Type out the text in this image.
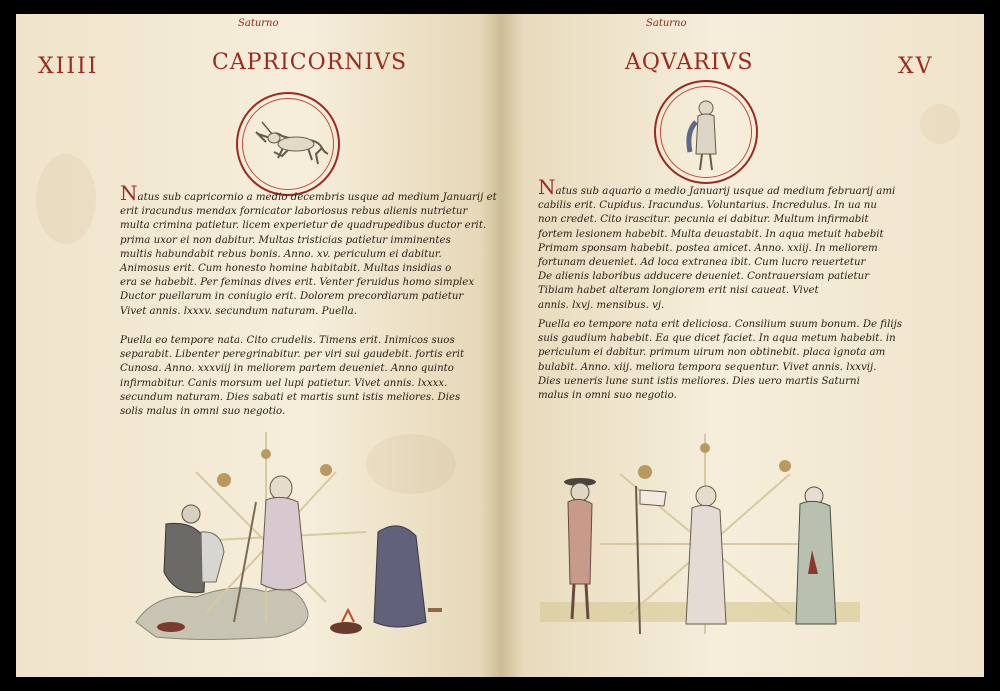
XIIII
Saturno
CAPRICORNIVS
Natus sub capricornio a medio decembris usque ad medium Januarij et
erit iracundus mendax fornicator laboriosus rebus alienis nutrietur
multa crimina patietur. licem experietur de quadrupedibus ductor erit.
prima uxor ei non dabitur. Multas tristicias patietur imminentes
multis habundabit rebus bonis. Anno. xv. periculum ei dabitur.
Animosus erit. Cum honesto homine habitabit. Multas insidias o
era se habebit. Per feminas dives erit. Venter feruidus homo simplex
Ductor puellarum in coniugio erit. Dolorem precordiarum patietur
Vivet annis. lxxxv. secundum naturam. Puella.
Puella eo tempore nata. Cito crudelis. Timens erit. Inimicos suos
separabit. Libenter peregrinabitur. per viri sui gaudebit. fortis erit
Cunosa. Anno. xxxviij in meliorem partem deueniet. Anno quinto
infirmabitur. Canis morsum uel lupi patietur. Vivet annis. lxxxx.
secundum naturam. Dies sabati et martis sunt istis meliores. Dies
solis malus in omni suo negotio.
Saturno
AQVARIVS	XV
Natus sub aquario a medio Januarij usque ad medium februarij ami
cabilis erit. Cupidus. Iracundus. Voluntarius. Incredulus. In ua nu
non credet. Cito irascitur. pecunia ei dabitur. Multum infirmabit
fortem lesionem habebit. Multa deuastabit. In aqua metuit habebit
Primam sponsam habebit. postea amicet. Anno. xxiij. In meliorem
fortunam deueniet. Ad loca extranea ibit. Cum lucro reuertetur
De alienis laboribus adducere deueniet. Contrauersiam patietur
Tibiam habet alteram longiorem erit nisi caueat. Vivet
annis. lxvj. mensibus. vj.
Puella eo tempore nata erit deliciosa. Consilium suum bonum. De filijs
suis gaudium habebit. Ea que dicet faciet. In aqua metum habebit. in
periculum ei dabitur. primum uirum non obtinebit. placa ignota am
bulabit. Anno. xiij. meliora tempora sequentur. Vivet annis. lxxvij.
Dies ueneris lune sunt istis meliores. Dies uero martis Saturni
malus in omni suo negotio.
